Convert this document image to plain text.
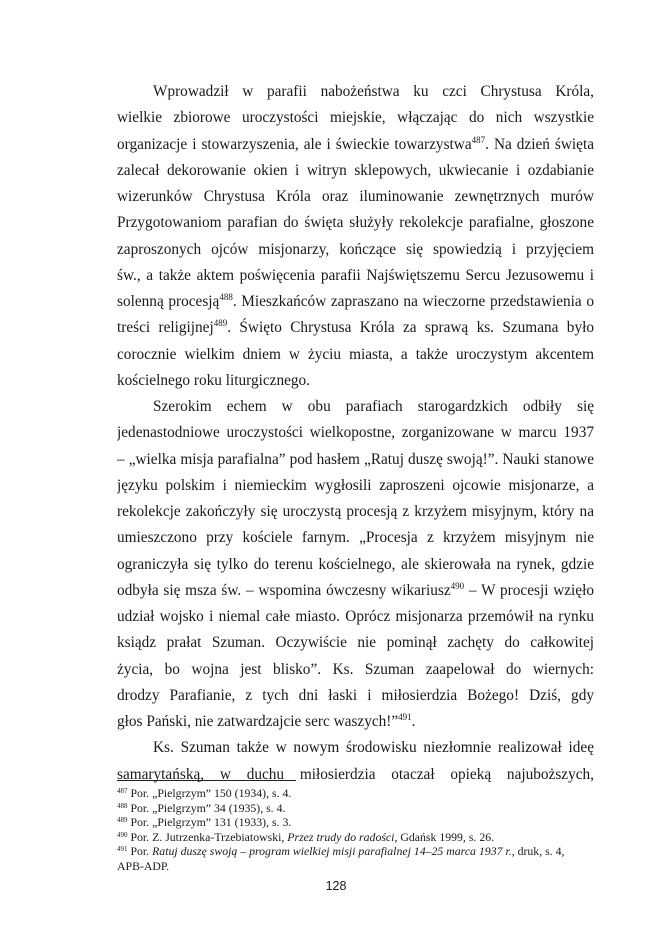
Wprowadził w parafii nabożeństwa ku czci Chrystusa Króla,
wielkie zbiorowe uroczystości miejskie, włączając do nich wszystkie
organizacje i stowarzyszenia, ale i świeckie towarzystwa$^{487}$. Na dzień święta
zalecał dekorowanie okien i witryn sklepowych, ukwiecanie i ozdabianie
wizerunków Chrystusa Króla oraz iluminowanie zewnętrznych murów
Przygotowaniom parafian do święta służyły rekolekcje parafialne, głoszone
zaproszonych ojców misjonarzy, kończące się spowiedzią i przyjęciem
św., a także aktem poświęcenia parafii Najświętszemu Sercu Jezusowemu i
solenną procesją$^{488}$. Mieszkańców zapraszano na wieczorne przedstawienia o
treści religijnej$^{489}$. Święto Chrystusa Króla za sprawą ks. Szumana było
corocznie wielkim dniem w życiu miasta, a także uroczystym akcentem
kościelnego roku liturgicznego.
Szerokim echem w obu parafiach starogardzkich odbiły się
jedenastodniowe uroczystości wielkopostne, zorganizowane w marcu 1937
– „wielka misja parafialna” pod hasłem „Ratuj duszę swoją!”. Nauki stanowe
języku polskim i niemieckim wygłosili zaproszeni ojcowie misjonarze, a
rekolekcje zakończyły się uroczystą procesją z krzyżem misyjnym, który na
umieszczono przy kościele farnym. „Procesja z krzyżem misyjnym nie
ograniczyła się tylko do terenu kościelnego, ale skierowała na rynek, gdzie
odbyła się msza św. – wspomina ówczesny wikariusz$^{490}$ – W procesji wzięło
udział wojsko i niemal całe miasto. Oprócz misjonarza przemówił na rynku
ksiądz prałat Szuman. Oczywiście nie pominął zachęty do całkowitej
życia, bo wojna jest blisko”. Ks. Szuman zaapelował do wiernych:
drodzy Parafianie, z tych dni łaski i miłosierdzia Bożego! Dziś, gdy
głos Pański, nie zatwardzajcie serc waszych!”$^{491}$.
Ks. Szuman także w nowym środowisku niezłomnie realizował ideę
samarytańską, w duchu miłosierdzia otaczał opieką najuboższych,
$^{487}$ Por. „Pielgrzym” 150 (1934), s. 4.
$^{488}$ Por. „Pielgrzym” 34 (1935), s. 4.
$^{489}$ Por. „Pielgrzym” 131 (1933), s. 3.
$^{490}$ Por. Z. Jutrzenka-Trzebiatowski, Przez trudy do radości, Gdańsk 1999, s. 26.
$^{491}$ Por. Ratuj duszę swoją – program wielkiej misji parafialnej 14–25 marca 1937 r., druk, s. 4,
APB-ADP.
128
